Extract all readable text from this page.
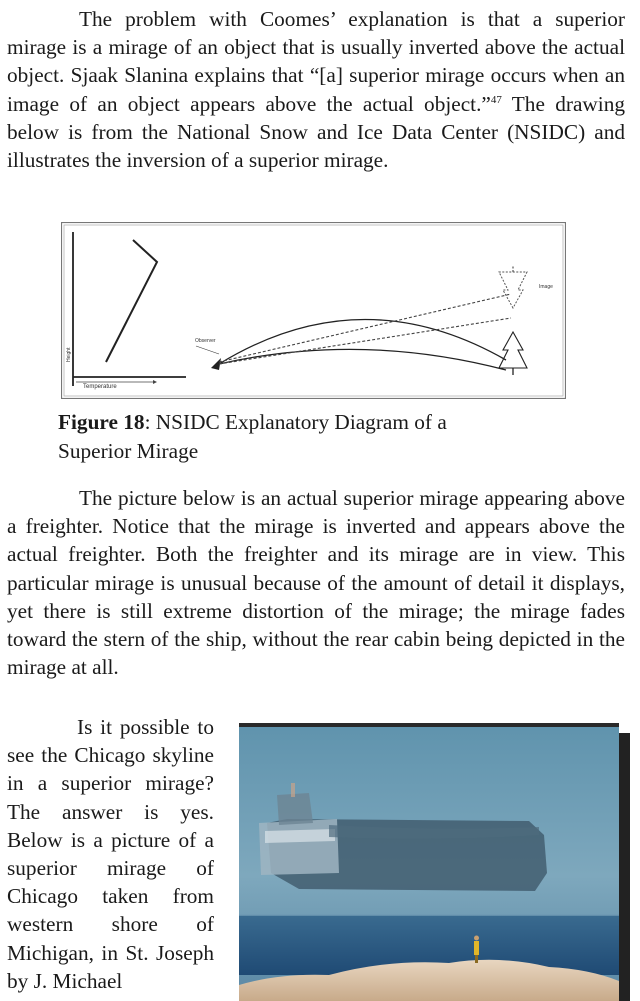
The problem with Coomes’ explanation is that a superior mirage is a mirage of an object that is usually inverted above the actual object. Sjaak Slanina explains that “[a] superior mirage occurs when an image of an object appears above the actual object.”$^{47}$ The drawing below is from the National Snow and Ice Data Center (NSIDC) and illustrates the inversion of a superior mirage.

Temperature
Height
Observer
Image

Figure 18: NSIDC Explanatory Diagram of a Superior Mirage

The picture below is an actual superior mirage appearing above a freighter. Notice that the mirage is inverted and appears above the actual freighter. Both the freighter and its mirage are in view. This particular mirage is unusual because of the amount of detail it displays, yet there is still extreme distortion of the mirage; the mirage fades toward the stern of the ship, without the rear cabin being depicted in the mirage at all.

Is it possible to see the Chicago skyline in a superior mirage? The answer is yes. Below is a picture of a superior mirage of Chicago taken from western shore of Michigan, in St. Joseph by J. Michael
